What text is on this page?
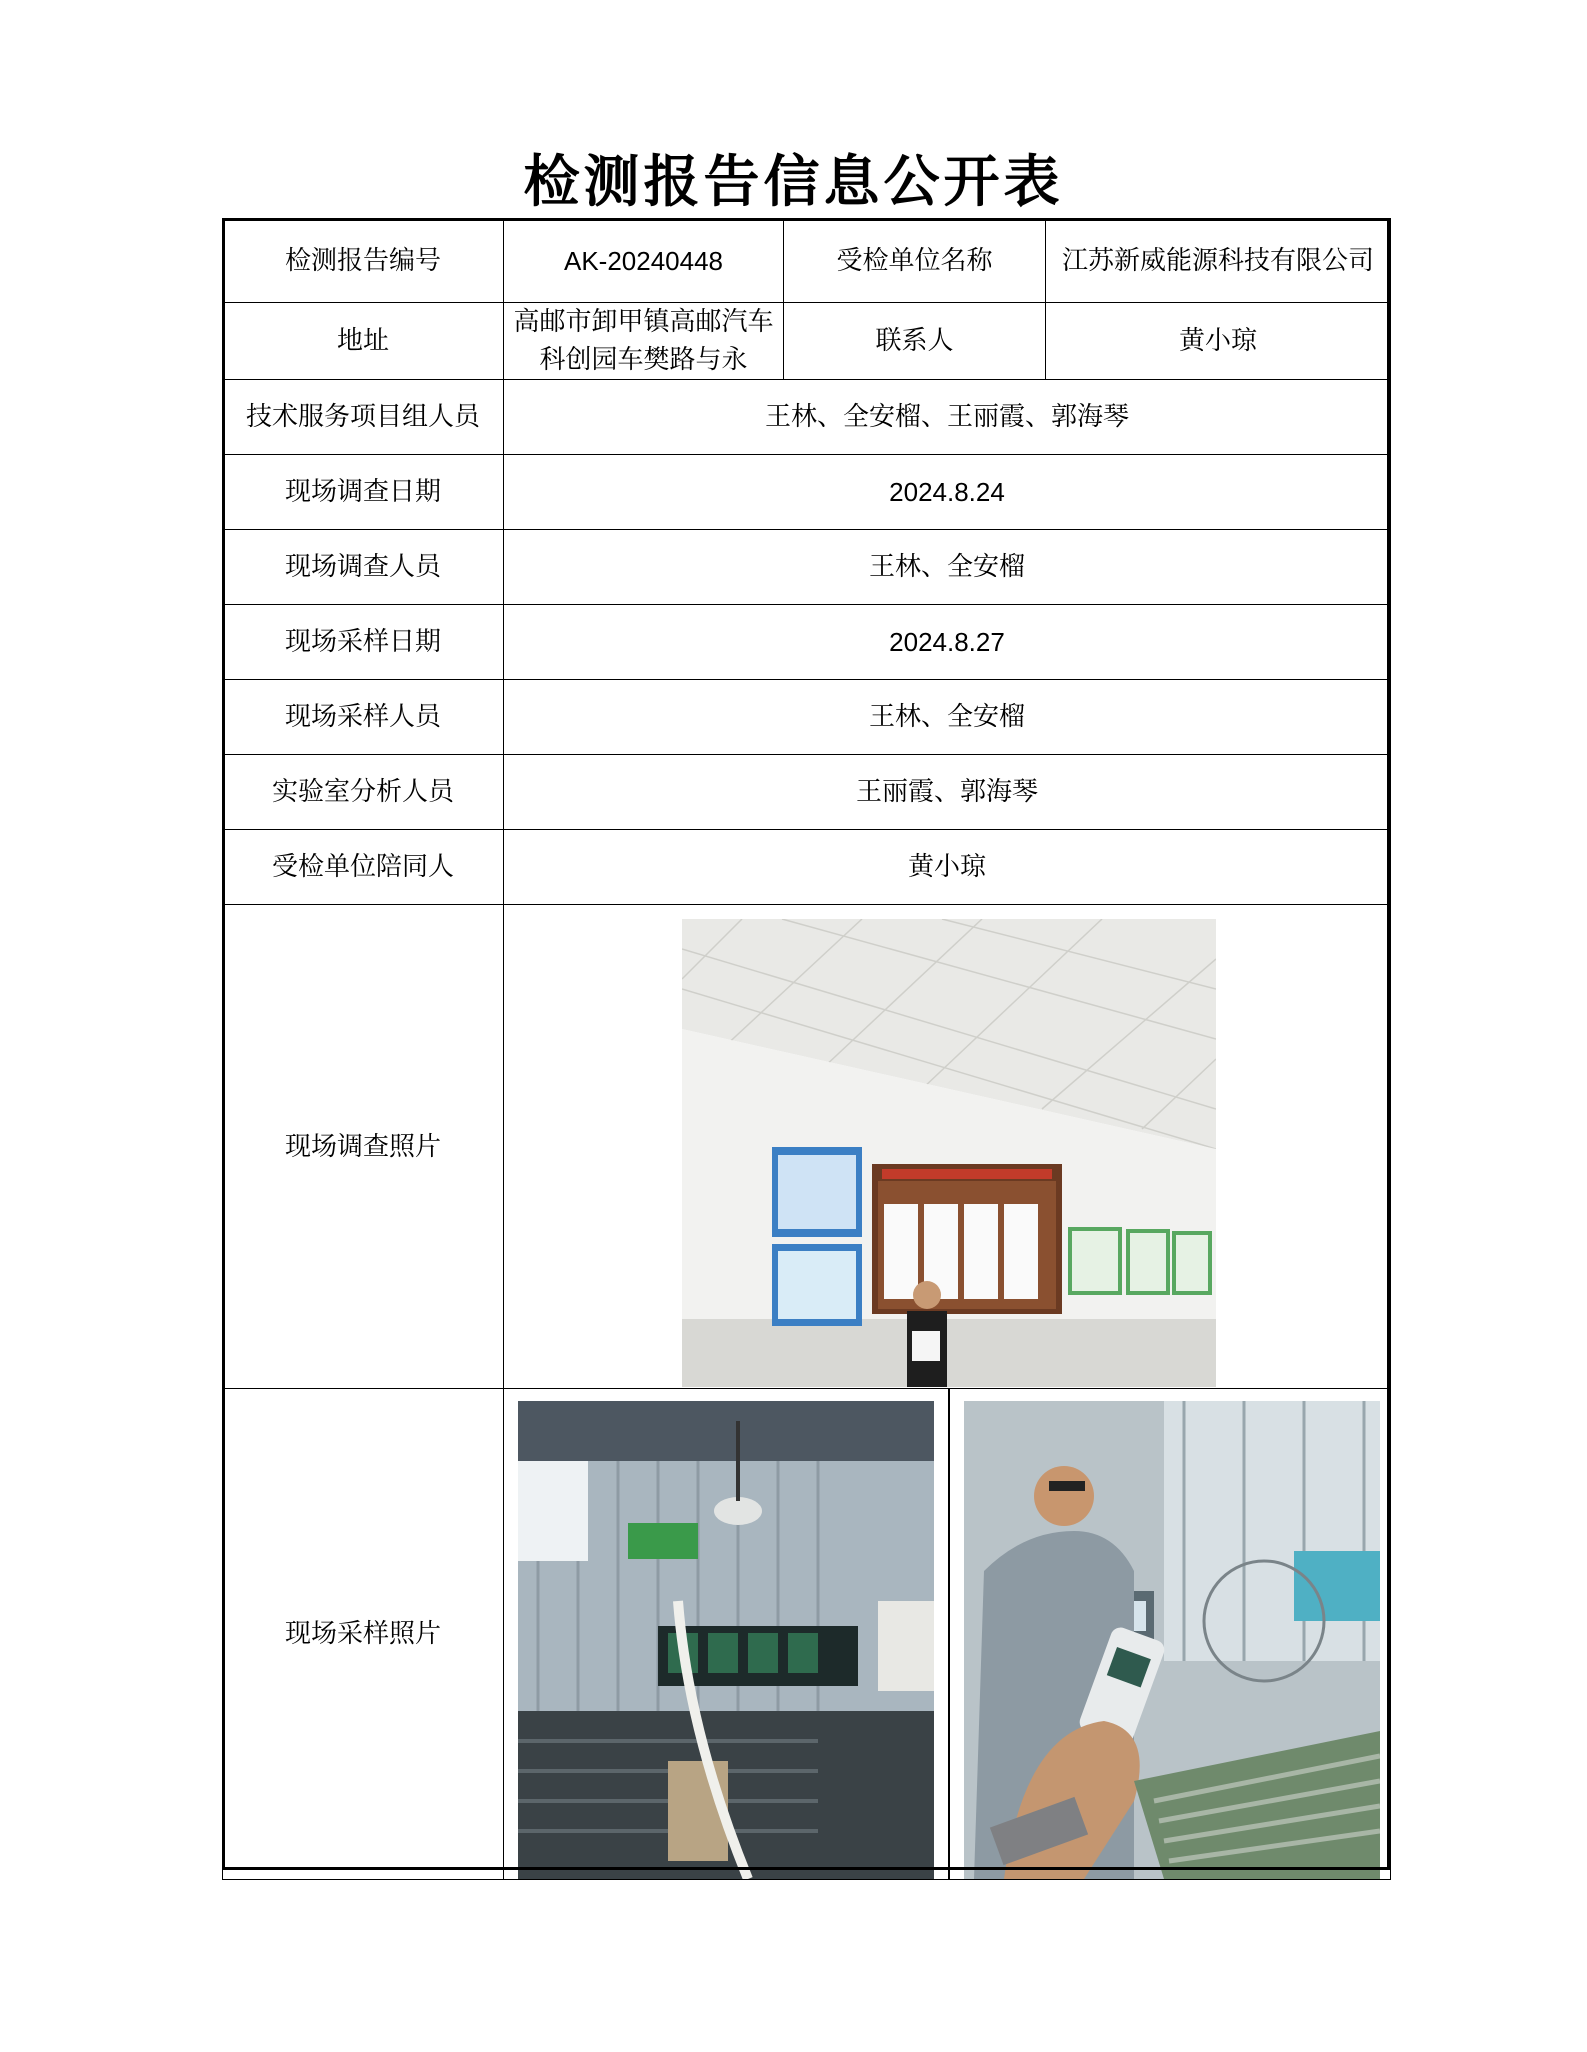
检测报告信息公开表
检测报告编号	AK-20240448	受检单位名称	江苏新威能源科技有限公司
地址	高邮市卸甲镇高邮汽车科创园车樊路与永	联系人	黄小琼
技术服务项目组人员	王林、全安榴、王丽霞、郭海琴		
现场调查日期	2024.8.24		
现场调查人员	王林、全安榴		
现场采样日期	2024.8.27		
现场采样人员	王林、全安榴		
实验室分析人员	王丽霞、郭海琴		
受检单位陪同人	黄小琼		
现场调查照片	

现场采样照片	
